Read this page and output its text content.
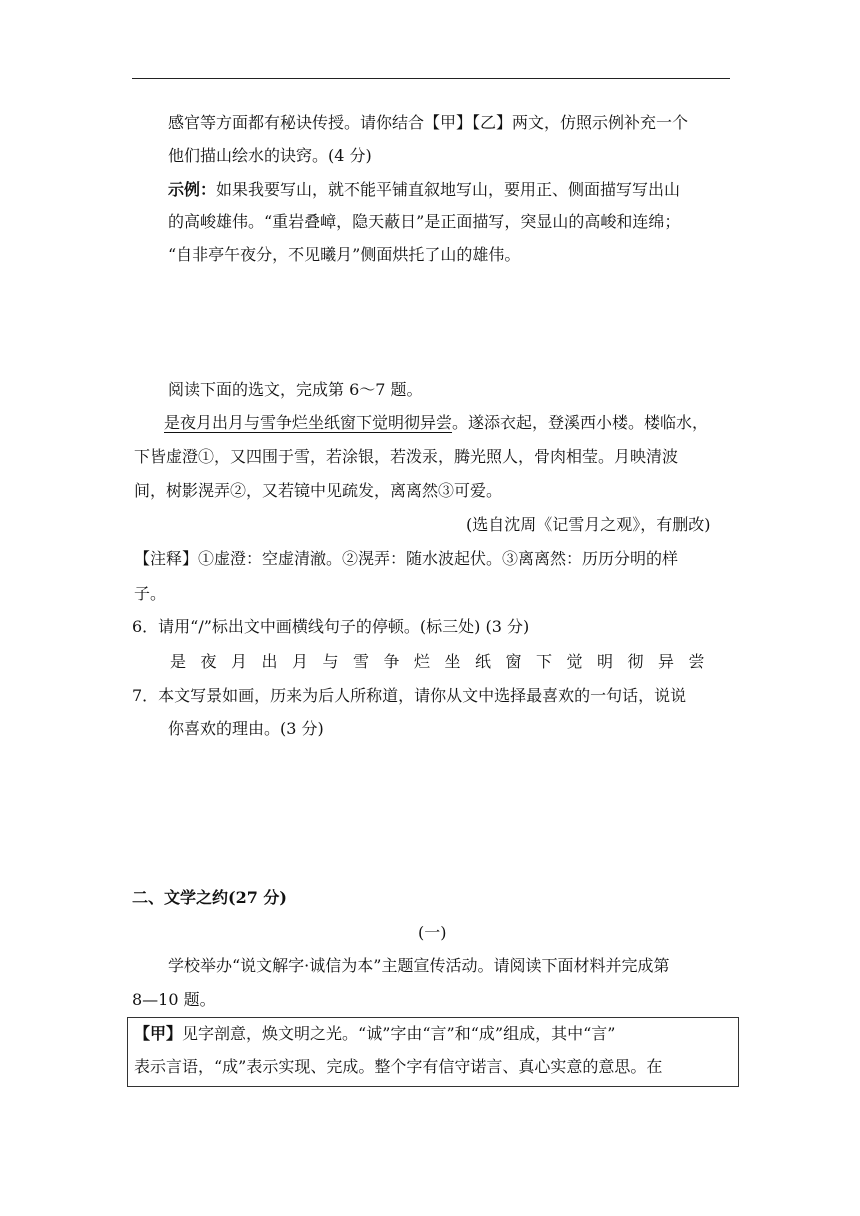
感官等方面都有秘诀传授。请你结合【甲】【乙】两文，仿照示例补充一个
他们描山绘水的诀窍。(4 分)
示例：如果我要写山，就不能平铺直叙地写山，要用正、侧面描写写出山
的高峻雄伟。“重岩叠嶂，隐天蔽日”是正面描写，突显山的高峻和连绵；
“自非亭午夜分，不见曦月”侧面烘托了山的雄伟。
阅读下面的选文，完成第 6～7 题。
是夜月出月与雪争烂坐纸窗下觉明彻异尝。遂添衣起，登溪西小楼。楼临水，
下皆虚澄①，又四围于雪，若涂银，若泼汞，腾光照人，骨肉相莹。月映清波
间，树影滉弄②，又若镜中见疏发，离离然③可爱。
(选自沈周《记雪月之观》，有删改)
【注释】①虚澄：空虚清澈。②滉弄：随水波起伏。③离离然：历历分明的样
子。
6．请用“/”标出文中画横线句子的停顿。(标三处) (3 分)
是夜月出月与雪争烂坐纸窗下觉明彻异尝
7．本文写景如画，历来为后人所称道，请你从文中选择最喜欢的一句话，说说
你喜欢的理由。(3 分)
二、文学之约(27 分)
(一)
学校举办“说文解字·诚信为本”主题宣传活动。请阅读下面材料并完成第
8—10 题。
【甲】见字剖意，焕文明之光。“诚”字由“言”和“成”组成，其中“言”
表示言语，“成”表示实现、完成。整个字有信守诺言、真心实意的意思。在
